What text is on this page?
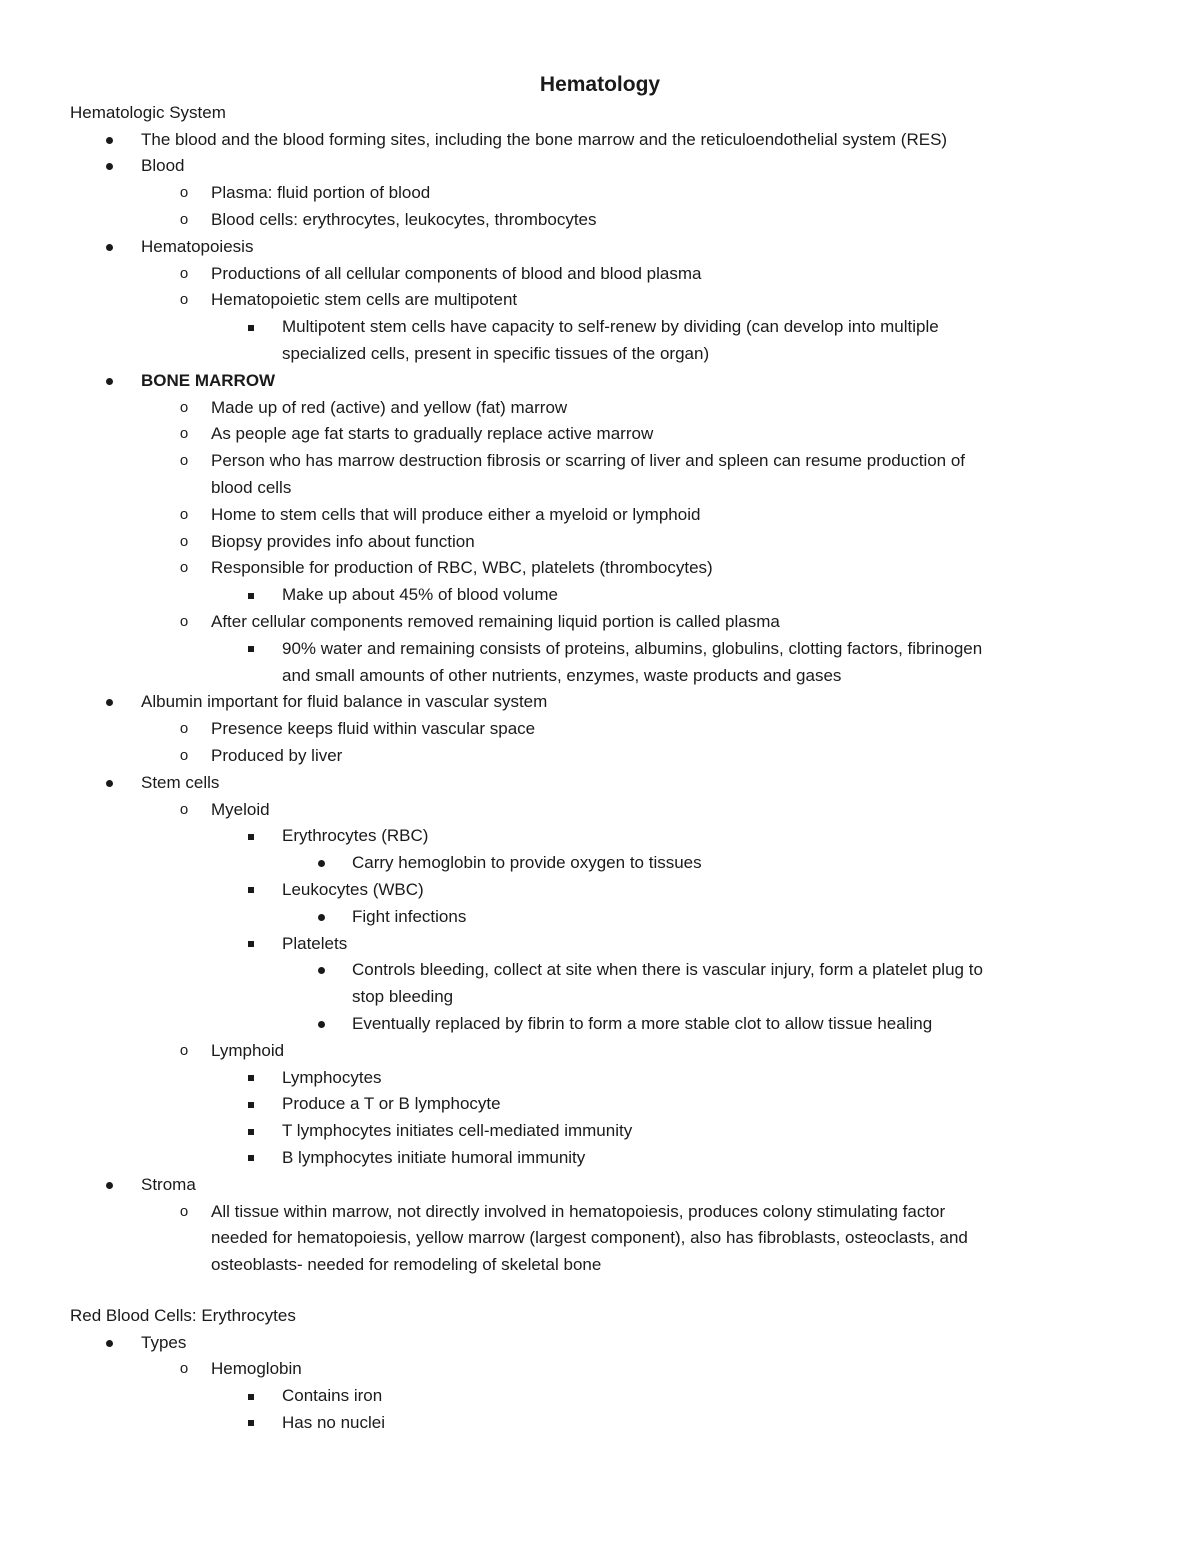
Hematology
Hematologic System
The blood and the blood forming sites, including the bone marrow and the reticuloendothelial system (RES)
Blood
o Plasma: fluid portion of blood
o Blood cells: erythrocytes, leukocytes, thrombocytes
Hematopoiesis
o Productions of all cellular components of blood and blood plasma
o Hematopoietic stem cells are multipotent
Multipotent stem cells have capacity to self-renew by dividing (can develop into multiple
specialized cells, present in specific tissues of the organ)
BONE MARROW
o Made up of red (active) and yellow (fat) marrow
o As people age fat starts to gradually replace active marrow
o Person who has marrow destruction fibrosis or scarring of liver and spleen can resume production of
blood cells
o Home to stem cells that will produce either a myeloid or lymphoid
o Biopsy provides info about function
o Responsible for production of RBC, WBC, platelets (thrombocytes)
Make up about 45% of blood volume
o After cellular components removed remaining liquid portion is called plasma
90% water and remaining consists of proteins, albumins, globulins, clotting factors, fibrinogen
and small amounts of other nutrients, enzymes, waste products and gases
Albumin important for fluid balance in vascular system
o Presence keeps fluid within vascular space
o Produced by liver
Stem cells
o Myeloid
Erythrocytes (RBC)
Carry hemoglobin to provide oxygen to tissues
Leukocytes (WBC)
Fight infections
Platelets
Controls bleeding, collect at site when there is vascular injury, form a platelet plug to
stop bleeding
Eventually replaced by fibrin to form a more stable clot to allow tissue healing
o Lymphoid
Lymphocytes
Produce a T or B lymphocyte
T lymphocytes initiates cell-mediated immunity
B lymphocytes initiate humoral immunity
Stroma
o All tissue within marrow, not directly involved in hematopoiesis, produces colony stimulating factor
needed for hematopoiesis, yellow marrow (largest component), also has fibroblasts, osteoclasts, and
osteoblasts- needed for remodeling of skeletal bone
Red Blood Cells: Erythrocytes
Types
o Hemoglobin
Contains iron
Has no nuclei
